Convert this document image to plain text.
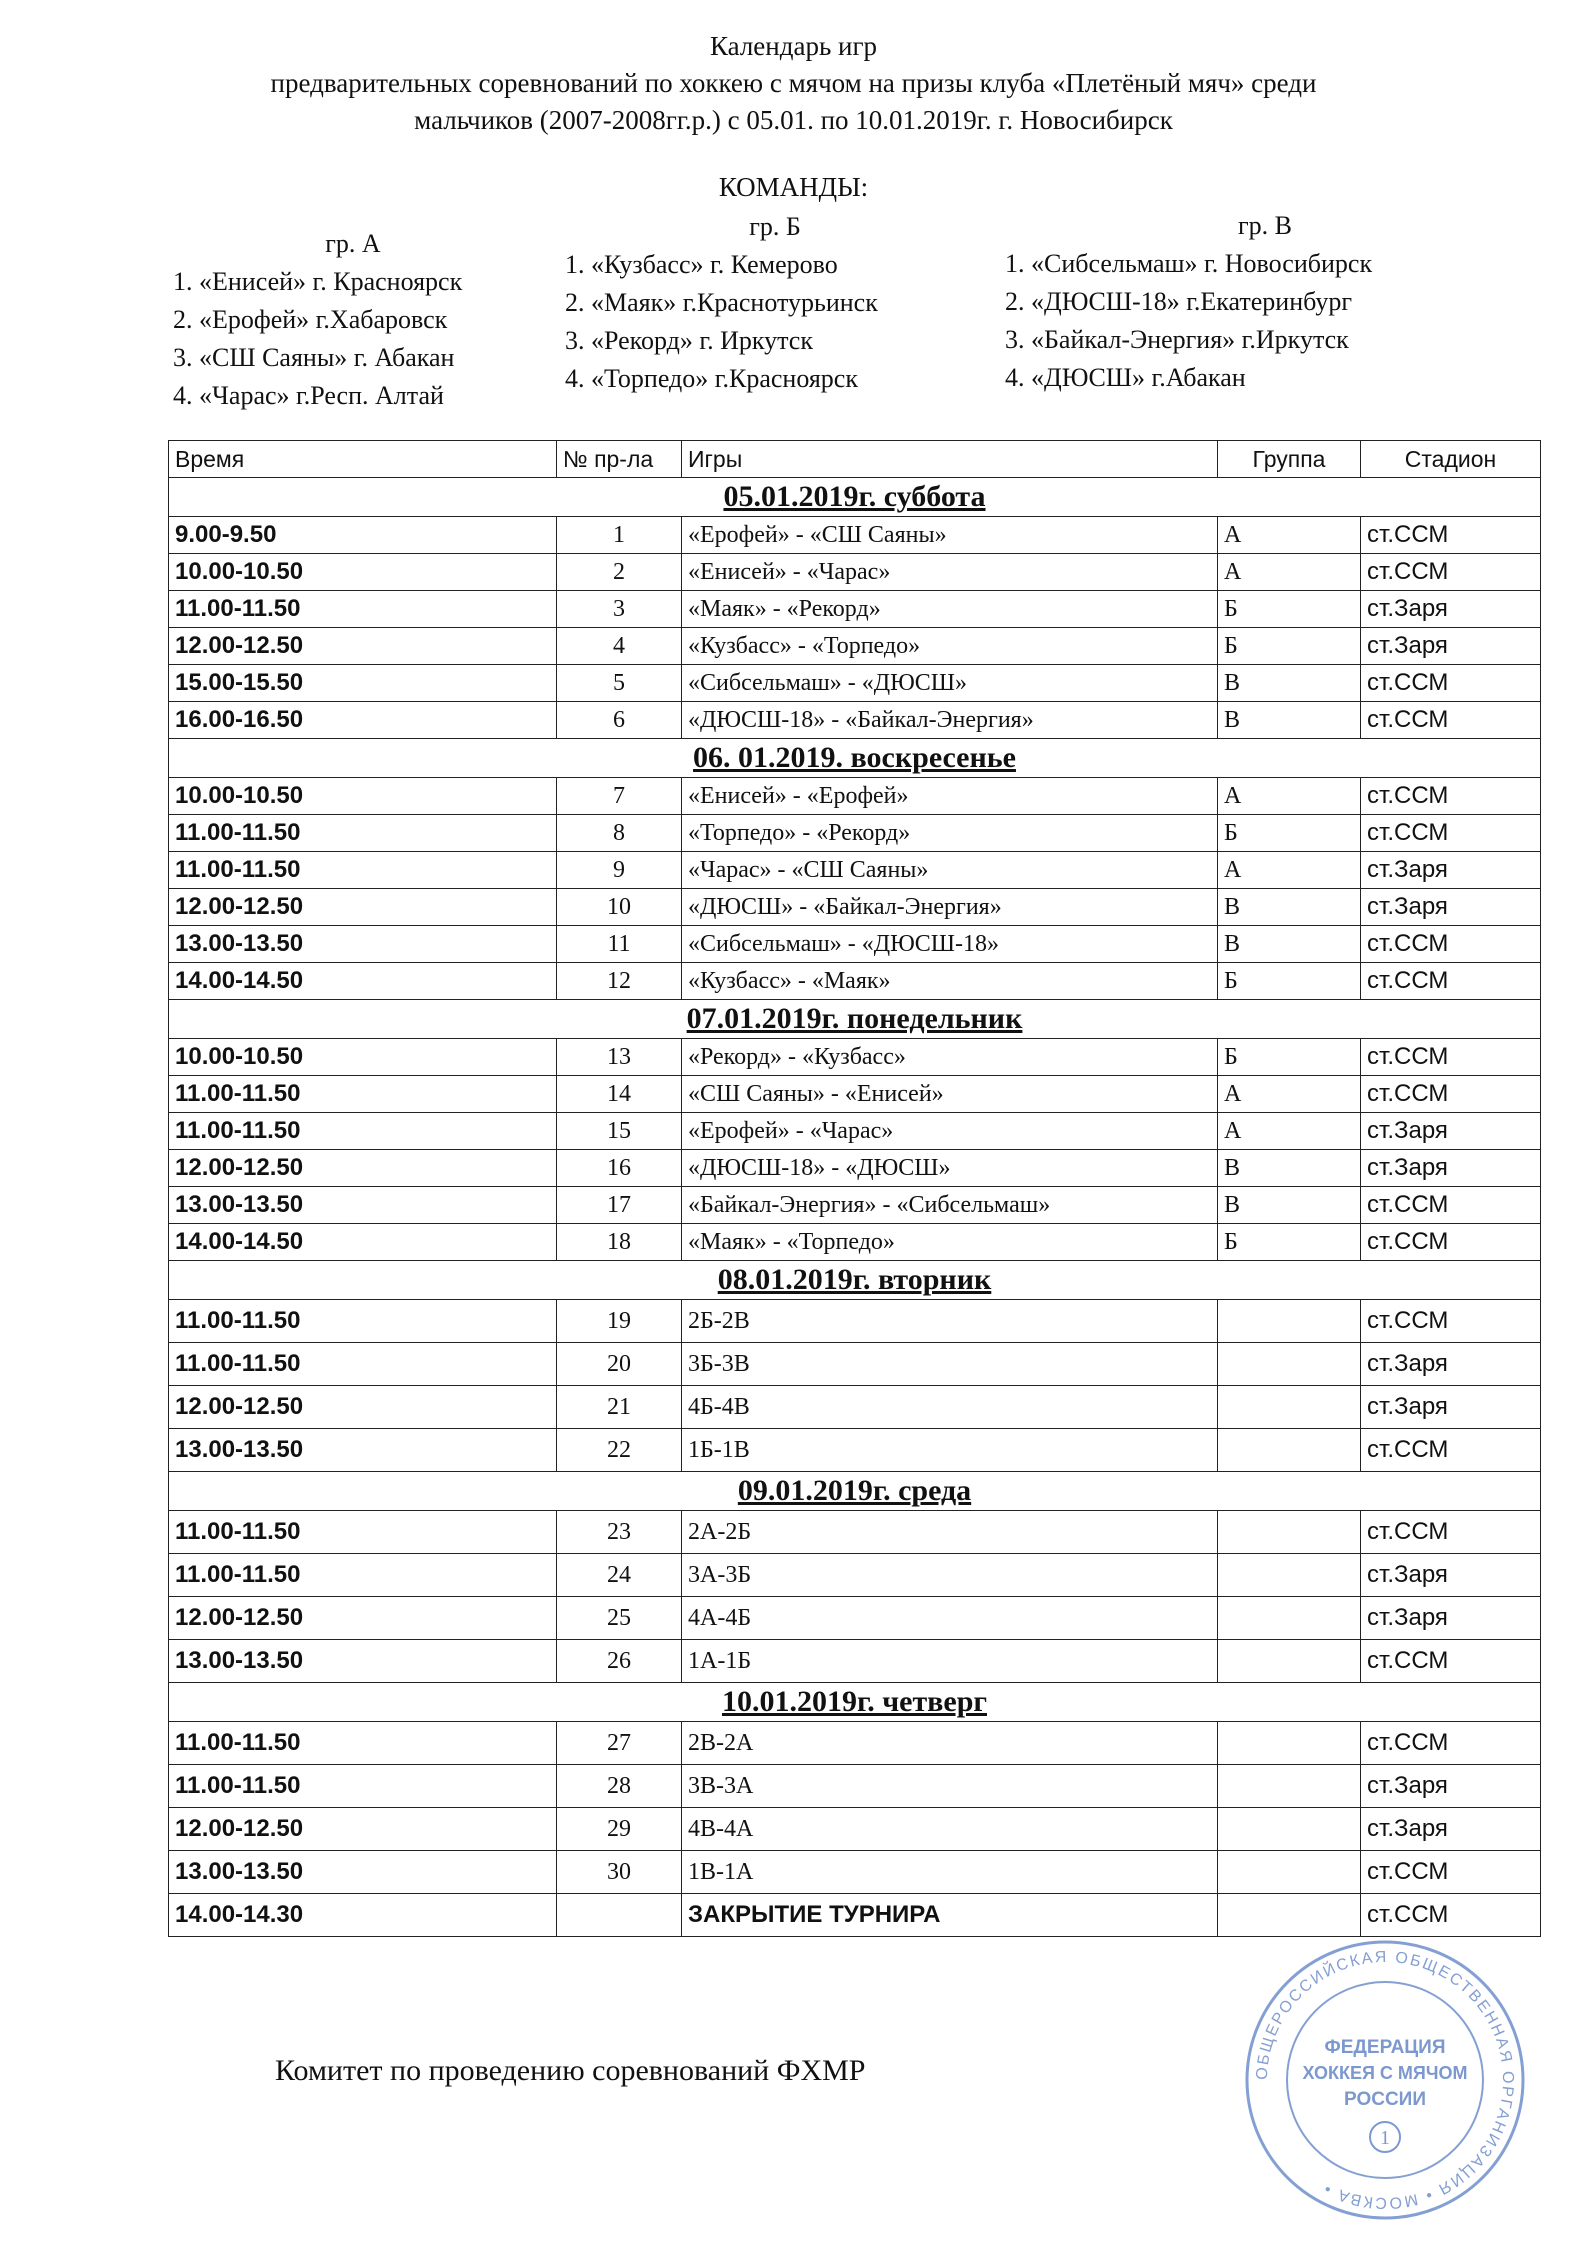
Календарь игр
предварительных соревнований по хоккею с мячом на призы клуба «Плетёный мяч» среди
мальчиков (2007-2008гг.р.) с 05.01. по 10.01.2019г. г. Новосибирск
КОМАНДЫ:
гр. А
1. «Енисей» г. Красноярск
2. «Ерофей» г.Хабаровск
3. «СШ Саяны» г. Абакан
4. «Чарас» г.Респ. Алтай
гр. Б
1. «Кузбасс» г. Кемерово
2. «Маяк» г.Краснотурьинск
3. «Рекорд» г. Иркутск
4. «Торпедо» г.Красноярск
гр. В
1. «Сибсельмаш» г. Новосибирск
2. «ДЮСШ-18» г.Екатеринбург
3. «Байкал-Энергия» г.Иркутск
4. «ДЮСШ» г.Абакан
Время	№ пр-ла	Игры	Группа	Стадион
05.01.2019г. суббота				
9.00-9.50	1	«Ерофей» - «СШ Саяны»	А	ст.ССМ
10.00-10.50	2	«Енисей» - «Чарас»	А	ст.ССМ
11.00-11.50	3	«Маяк» - «Рекорд»	Б	ст.Заря
12.00-12.50	4	«Кузбасс» - «Торпедо»	Б	ст.Заря
15.00-15.50	5	«Сибсельмаш» - «ДЮСШ»	В	ст.ССМ
16.00-16.50	6	«ДЮСШ-18» - «Байкал-Энергия»	В	ст.ССМ
06. 01.2019. воскресенье				
10.00-10.50	7	«Енисей» - «Ерофей»	А	ст.ССМ
11.00-11.50	8	«Торпедо» - «Рекорд»	Б	ст.ССМ
11.00-11.50	9	«Чарас» - «СШ Саяны»	А	ст.Заря
12.00-12.50	10	«ДЮСШ» - «Байкал-Энергия»	В	ст.Заря
13.00-13.50	11	«Сибсельмаш» - «ДЮСШ-18»	В	ст.ССМ
14.00-14.50	12	«Кузбасс» - «Маяк»	Б	ст.ССМ
07.01.2019г. понедельник				
10.00-10.50	13	«Рекорд» - «Кузбасс»	Б	ст.ССМ
11.00-11.50	14	«СШ Саяны» - «Енисей»	А	ст.ССМ
11.00-11.50	15	«Ерофей» - «Чарас»	А	ст.Заря
12.00-12.50	16	«ДЮСШ-18» - «ДЮСШ»	В	ст.Заря
13.00-13.50	17	«Байкал-Энергия» - «Сибсельмаш»	В	ст.ССМ
14.00-14.50	18	«Маяк» - «Торпедо»	Б	ст.ССМ
08.01.2019г. вторник				
11.00-11.50	19	2Б-2В		ст.ССМ
11.00-11.50	20	3Б-3В		ст.Заря
12.00-12.50	21	4Б-4В		ст.Заря
13.00-13.50	22	1Б-1В		ст.ССМ
09.01.2019г. среда				
11.00-11.50	23	2А-2Б		ст.ССМ
11.00-11.50	24	3А-3Б		ст.Заря
12.00-12.50	25	4А-4Б		ст.Заря
13.00-13.50	26	1А-1Б		ст.ССМ
10.01.2019г. четверг				
11.00-11.50	27	2В-2А		ст.ССМ
11.00-11.50	28	3В-3А		ст.Заря
12.00-12.50	29	4В-4А		ст.Заря
13.00-13.50	30	1В-1А		ст.ССМ
14.00-14.30		ЗАКРЫТИЕ ТУРНИРА		ст.ССМ
Комитет по проведению соревнований ФХМР	ОБЩЕРОССИЙСКАЯ ОБЩЕСТВЕННАЯ ОРГАНИЗАЦИЯ • МОСКВА •
ФЕДЕРАЦИЯ
ХОККЕЯ С МЯЧОМ
РОССИИ
1
